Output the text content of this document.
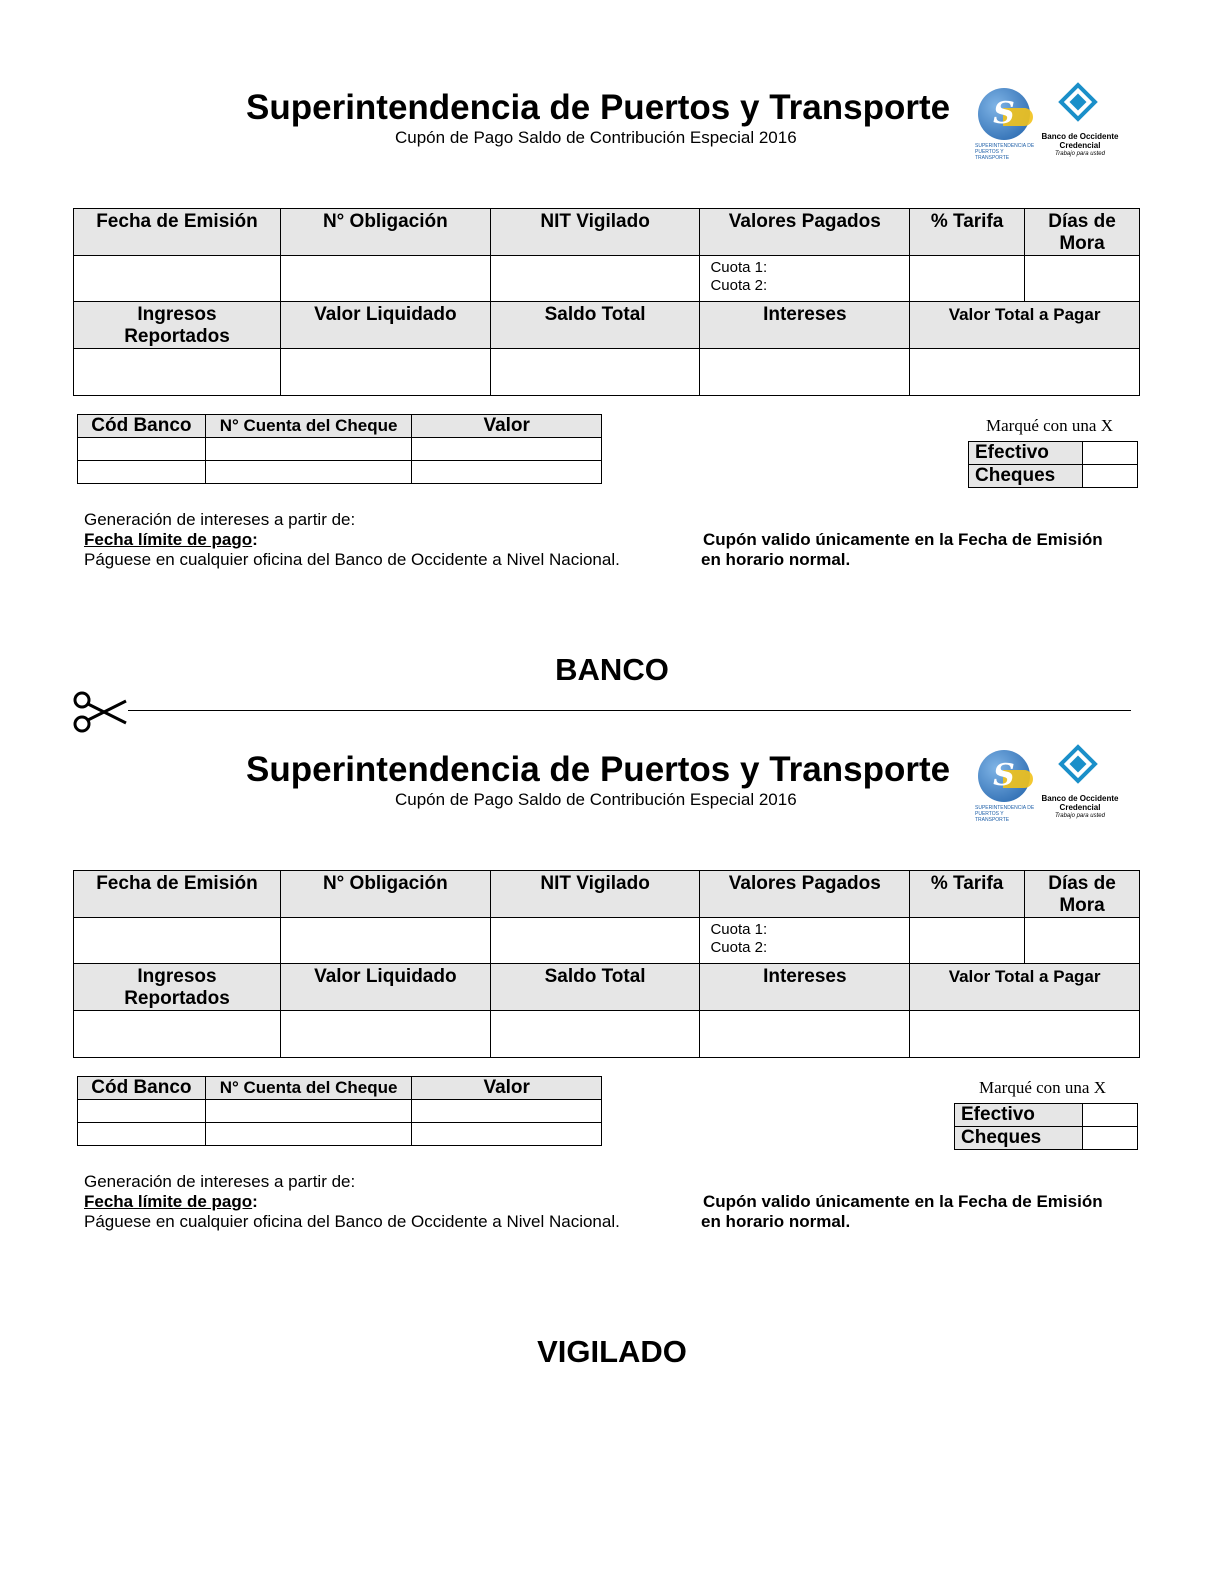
Superintendencia de Puertos y Transporte
Cupón de Pago Saldo de Contribución Especial 2016
S
SUPERINTENDENCIA DE PUERTOS Y TRANSPORTE
Banco de Occidente
Credencial
Trabajo para usted
Fecha de Emisión	N° Obligación	NIT Vigilado	Valores Pagados	% Tarifa	Días de Mora

			Cuota 1:
Cuota 2:		

Ingresos Reportados	Valor Liquidado	Saldo Total	Intereses	Valor Total a Pagar	

Cód Banco	N° Cuenta del Cheque	Valor

			Marqué con una X
Efectivo	
Cheques	
Generación de intereses a partir de:
Fecha límite de pago:
Páguese en cualquier oficina del Banco de Occidente a Nivel Nacional.
Cupón valido únicamente en la Fecha de Emisión
en horario normal.
BANCO
Superintendencia de Puertos y Transporte
Cupón de Pago Saldo de Contribución Especial 2016
S
SUPERINTENDENCIA DE PUERTOS Y TRANSPORTE
Banco de Occidente
Credencial
Trabajo para usted
Fecha de Emisión	N° Obligación	NIT Vigilado	Valores Pagados	% Tarifa	Días de Mora

			Cuota 1:
Cuota 2:		

Ingresos Reportados	Valor Liquidado	Saldo Total	Intereses	Valor Total a Pagar	

Cód Banco	N° Cuenta del Cheque	Valor

			Marqué con una X
Efectivo	
Cheques	
Generación de intereses a partir de:
Fecha límite de pago:
Páguese en cualquier oficina del Banco de Occidente a Nivel Nacional.
Cupón valido únicamente en la Fecha de Emisión
en horario normal.
VIGILADO
